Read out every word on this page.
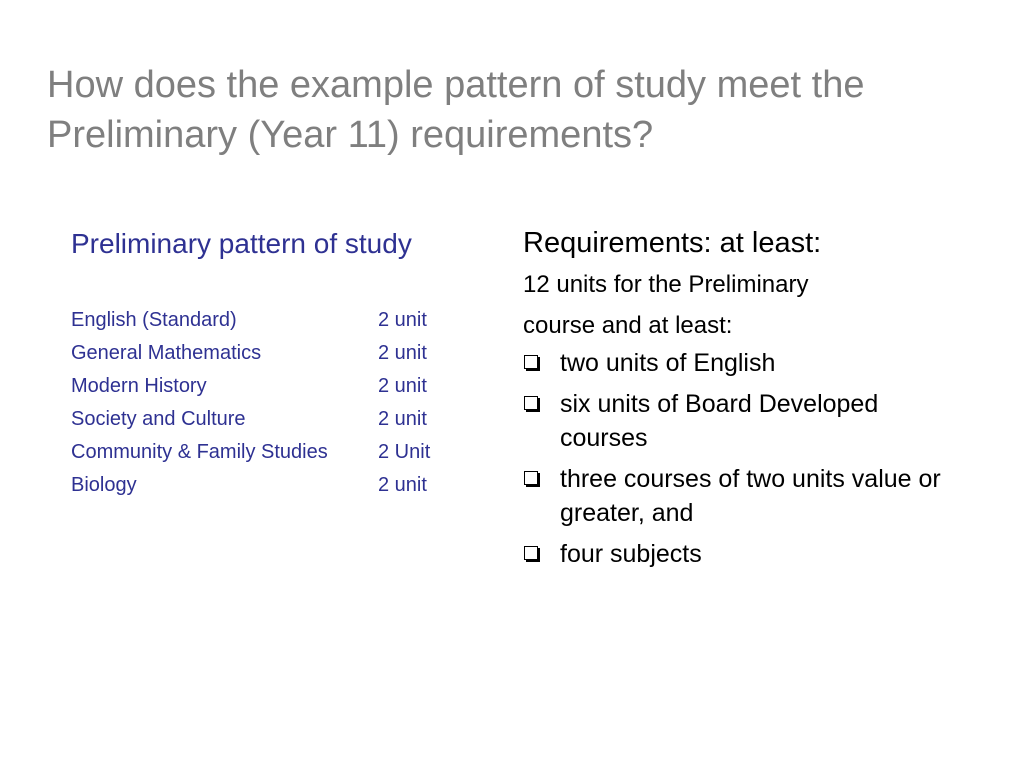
How does the example pattern of study meet the Preliminary (Year 11) requirements?
Preliminary pattern of study
English (Standard)	2 unit
General Mathematics	2 unit
Modern History	2 unit
Society and Culture	2 unit
Community & Family Studies	2 Unit
Biology	2 unit
Requirements: at least:
12 units for the Preliminary
course and at least:
two units of English
six units of Board Developed courses
three courses of two units value or greater, and
four subjects
